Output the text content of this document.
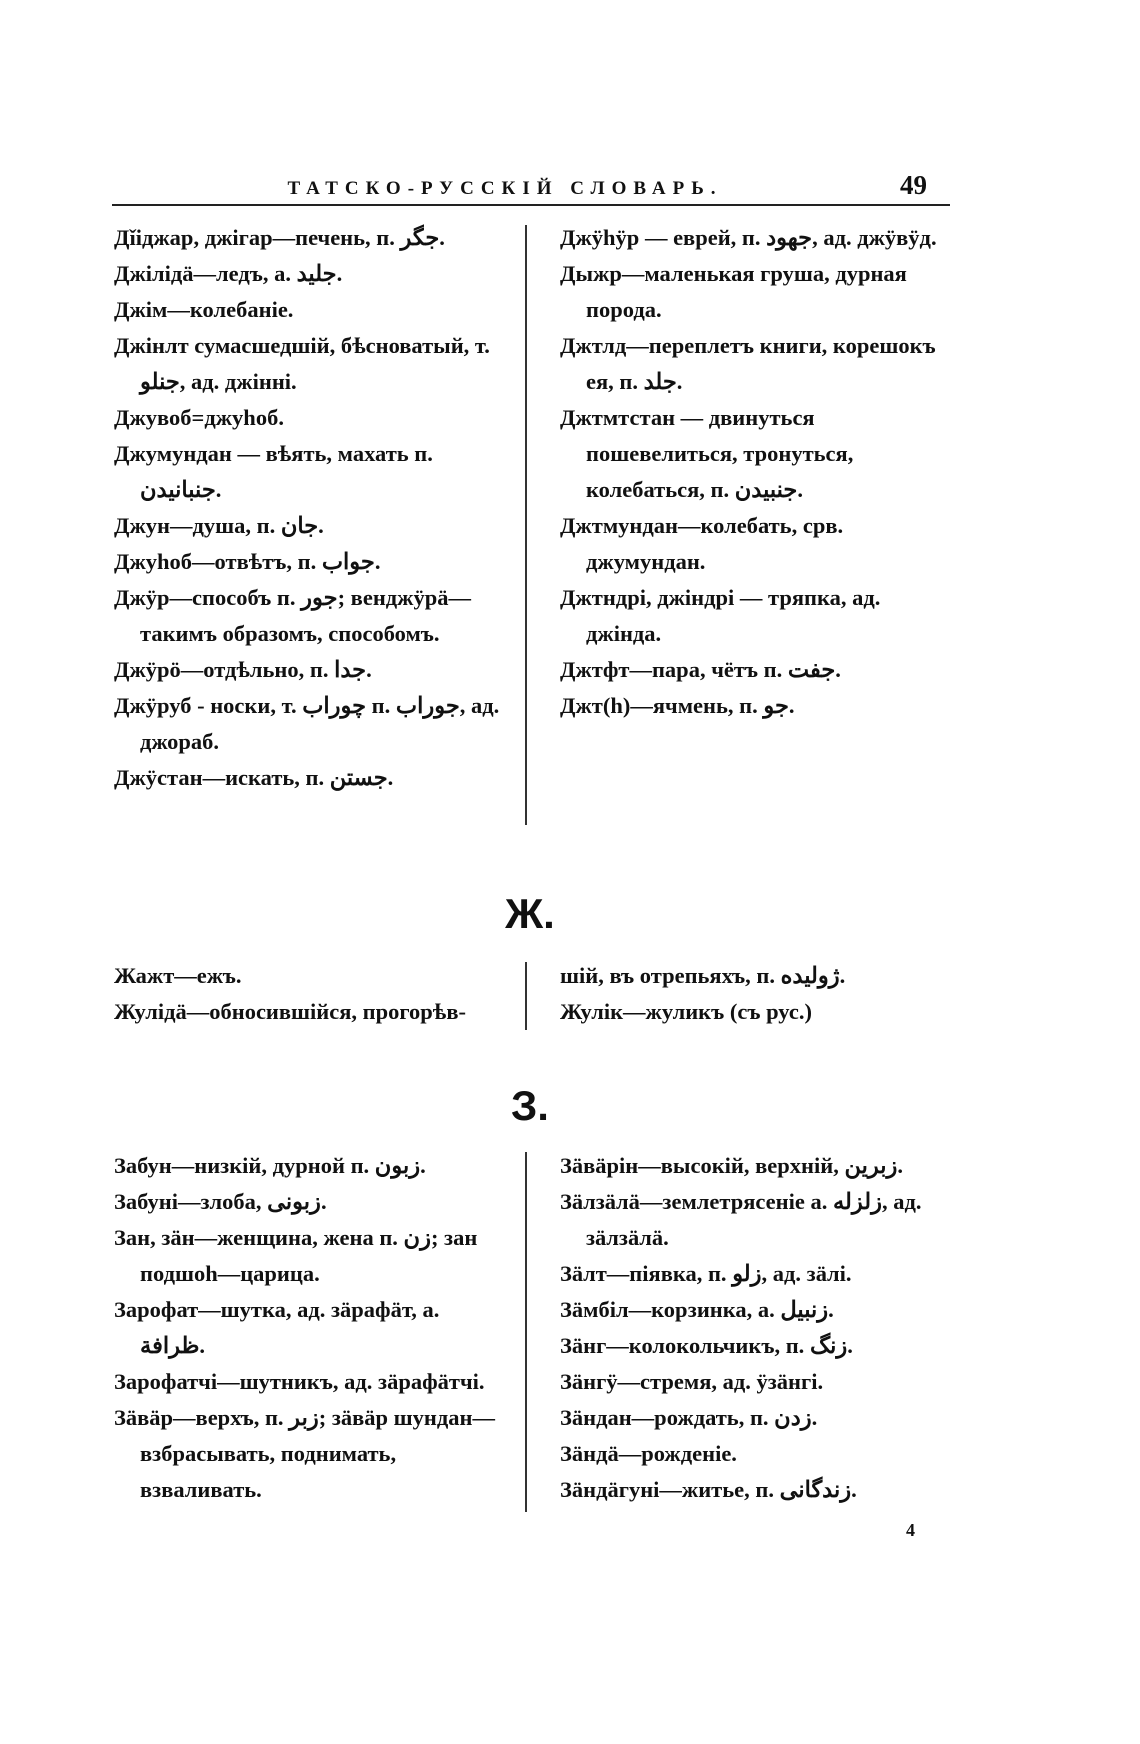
ТАТСКО-РУССКІЙ СЛОВАРЬ.	49
Дǐiджар, джiгар—печень, п. جگر.
Джiлiдä—ледъ, а. جليد.
Джiм—колебанiе.
Джiнлт сумасшедшiй, бѣсноватый, т. جنلو, ад. джiннi.
Джувоб=джуhоб.
Джумундан — вѣять, махать п. جنبانيدن.
Джун—душа, п. جان.
Джуhоб—отвѣтъ, п. جواب.
Джӱр—способъ п. جور; венджӱрä—такимъ образомъ, способомъ.
Джӱрӧ—отдѣльно, п. جدا.
Джӱруб - носки, т. چوراب п. جوراب, ад. джораб.
Джӱстан—искать, п. جستن.
Джӱhӱр — еврей, п. جهود, ад. джӱвӱд.
Дыжр—маленькая груша, дурная порода.
Джтлд—переплетъ книги, корешокъ ея, п. جلد.
Джтмтстан — двинуться пошевелиться, тронуться, колебаться, п. جنبيدن.
Джтмундан—колебать, срв. джумундан.
Джтндрi, джiндрi — тряпка, ад. джiнда.
Джтфт—пара, чётъ п. جفت.
Джт(h)—ячмень, п. جو.
Ж.
Жажт—ежъ.
Жулiдä—обносившiйся, прогорѣв-
шiй, въ отрепьяхъ, п. ژوليده.
Жулiк—жуликъ (съ рус.)
З.
Забун—низкiй, дурной п. زبون.
Забунi—злоба, زبونی.
Зан, зäн—женщина, жена п. زن; зан подшоh—царица.
Зарофат—шутка, ад. зäрафäт, а. ظرافة.
Зарофатчi—шутникъ, ад. зäрафäтчi.
Зäвäр—верхъ, п. زبر; зäвäр шундан—взбрасывать, поднимать, взваливать.
Зäвäрiн—высокiй, верхнiй, زبرين.
Зäлзäлä—землетрясенiе а. زلزله, ад. зäлзäлä.
Зäлт—пiявка, п. زلو, ад. зäлi.
Зäмбiл—корзинка, а. زنبيل.
Зäнг—колокольчикъ, п. زنگ.
Зäнгӱ—стремя, ад. ӱзäнгi.
Зäндан—рождать, п. زدن.
Зäндä—рожденiе.
Зäндäгунi—житье, п. زندگانی.
4
